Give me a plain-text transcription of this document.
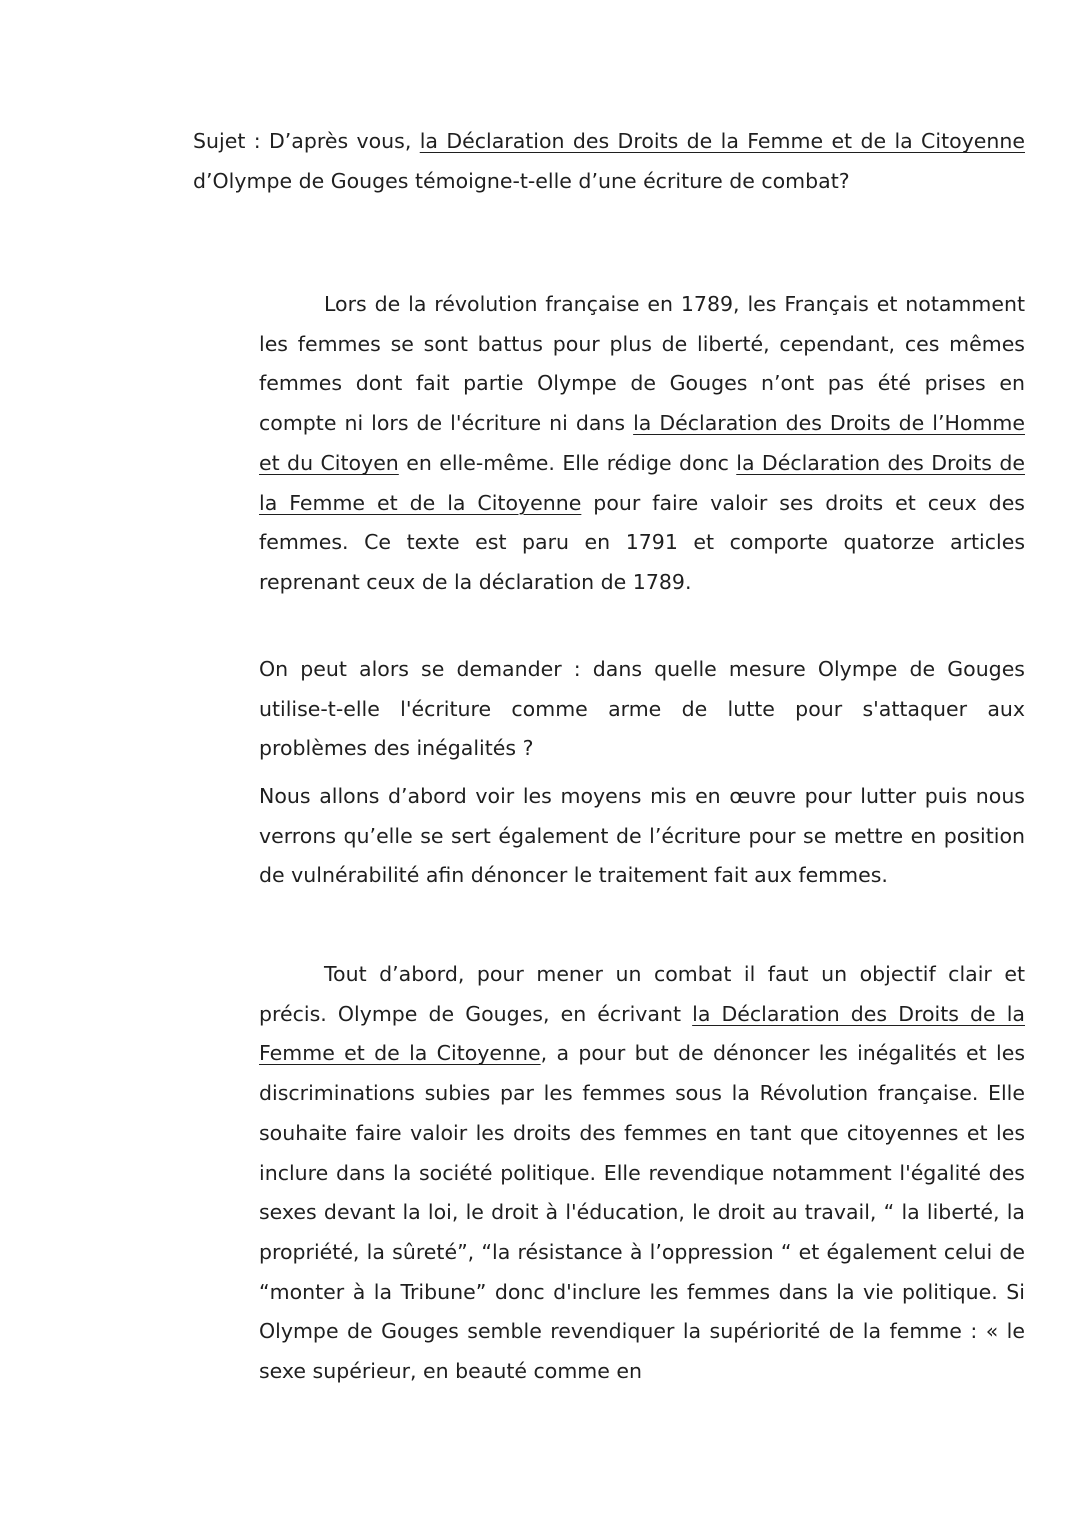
Sujet : D’après vous, la Déclaration des Droits de la Femme et de la Citoyenne d’Olympe de Gouges témoigne-t-elle d’une écriture de combat?

Lors de la révolution française en 1789, les Français et notamment les femmes se sont battus pour plus de liberté, cependant, ces mêmes femmes dont fait partie Olympe de Gouges n’ont pas été prises en compte ni lors de l'écriture ni dans la Déclaration des Droits de l’Homme et du Citoyen en elle-même. Elle rédige donc la Déclaration des Droits de la Femme et de la Citoyenne pour faire valoir ses droits et ceux des femmes. Ce texte est paru en 1791 et comporte quatorze articles reprenant ceux de la déclaration de 1789.

On peut alors se demander : dans quelle mesure Olympe de Gouges utilise-t-elle l'écriture comme arme de lutte pour s'attaquer aux problèmes des inégalités ?

Nous allons d’abord voir les moyens mis en œuvre pour lutter puis nous verrons qu’elle se sert également de l’écriture pour se mettre en position de vulnérabilité afin dénoncer le traitement fait aux femmes.

Tout d’abord, pour mener un combat il faut un objectif clair et précis. Olympe de Gouges, en écrivant la Déclaration des Droits de la Femme et de la Citoyenne, a pour but de dénoncer les inégalités et les discriminations subies par les femmes sous la Révolution française. Elle souhaite faire valoir les droits des femmes en tant que citoyennes et les inclure dans la société politique. Elle revendique notamment l'égalité des sexes devant la loi, le droit à l'éducation, le droit au travail, “ la liberté, la propriété, la sûreté”, “la résistance à l’oppression “ et également celui de “monter à la Tribune” donc d'inclure les femmes dans la vie politique. Si Olympe de Gouges semble revendiquer la supériorité de la femme : « le sexe supérieur, en beauté comme en
